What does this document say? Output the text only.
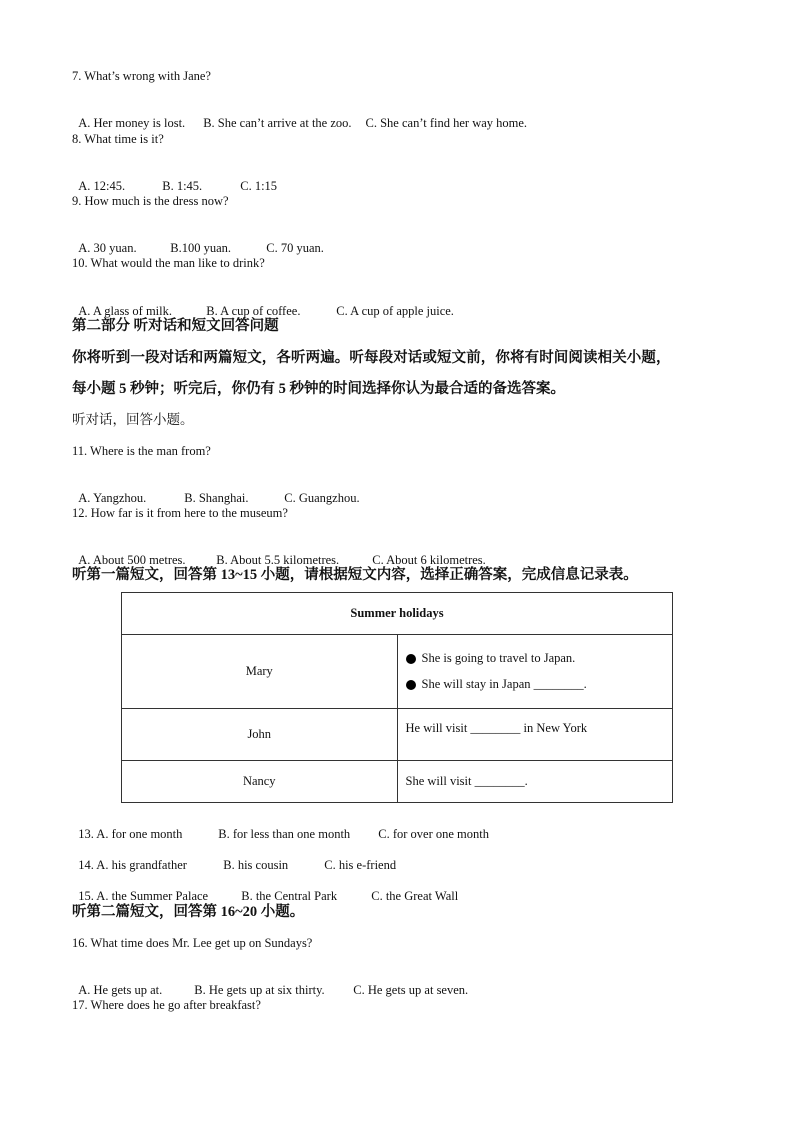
7. What’s wrong with Jane?

A. Her money is lost. B. She can’t arrive at the zoo. C. She can’t find her way home.

8. What time is it?

A. 12:45.	B. 1:45.	C. 1:15

9. How much is the dress now?

A. 30 yuan.	B.100 yuan.	C. 70 yuan.

10. What would the man like to drink?

A. A glass of milk.	B. A cup of coffee.	C. A cup of apple juice.

第二部分 听对话和短文回答问题
你将听到一段对话和两篇短文，各听两遍。听每段对话或短文前，你将有时间阅读相关小题，
每小题 5 秒钟；听完后，你仍有 5 秒钟的时间选择你认为最合适的备选答案。
听对话，回答小题。
11. Where is the man from?

A. Yangzhou.	B. Shanghai.	C. Guangzhou.

12. How far is it from here to the museum?

A. About 500 metres. B. About 5.5 kilometres.	C. About 6 kilometres.

听第一篇短文，回答第 13~15 小题，请根据短文内容，选择正确答案，完成信息记录表。
Summer holidays	
Mary	She is going to travel to Japan.
She will stay in Japan ________.

John	He will visit ________ in New York
Nancy	She will visit ________.

13. A. for one month	B. for less than one month C. for over one month

14. A. his grandfather	B. his cousin	C. his e-friend

15. A. the Summer Palace	B. the Central Park	C. the Great Wall

听第二篇短文，回答第 16~20 小题。
16. What time does Mr. Lee get up on Sundays?

A. He gets up at.	B. He gets up at six thirty. C. He gets up at seven.

17. Where does he go after breakfast?
